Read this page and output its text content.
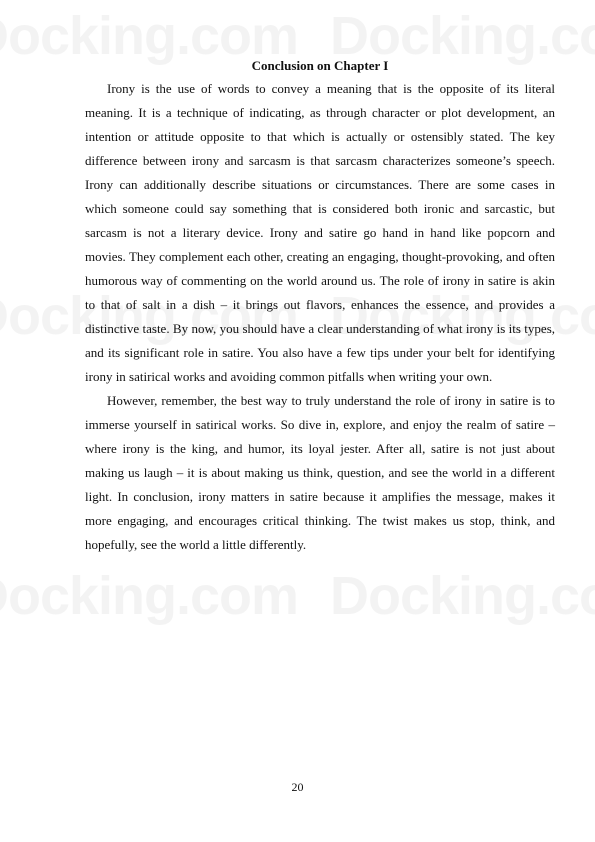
Conclusion on Chapter I

Irony is the use of words to convey a meaning that is the opposite of its literal meaning. It is a technique of indicating, as through character or plot development, an intention or attitude opposite to that which is actually or ostensibly stated. The key difference between irony and sarcasm is that sarcasm characterizes someone’s speech. Irony can additionally describe situations or circumstances. There are some cases in which someone could say something that is considered both ironic and sarcastic, but sarcasm is not a literary device. Irony and satire go hand in hand like popcorn and movies. They complement each other, creating an engaging, thought-provoking, and often humorous way of commenting on the world around us. The role of irony in satire is akin to that of salt in a dish – it brings out flavors, enhances the essence, and provides a distinctive taste. By now, you should have a clear understanding of what irony is its types, and its significant role in satire. You also have a few tips under your belt for identifying irony in satirical works and avoiding common pitfalls when writing your own.

However, remember, the best way to truly understand the role of irony in satire is to immerse yourself in satirical works. So dive in, explore, and enjoy the realm of satire – where irony is the king, and humor, its loyal jester. After all, satire is not just about making us laugh – it is about making us think, question, and see the world in a different light. In conclusion, irony matters in satire because it amplifies the message, makes it more engaging, and encourages critical thinking. The twist makes us stop, think, and hopefully, see the world a little differently.

20
